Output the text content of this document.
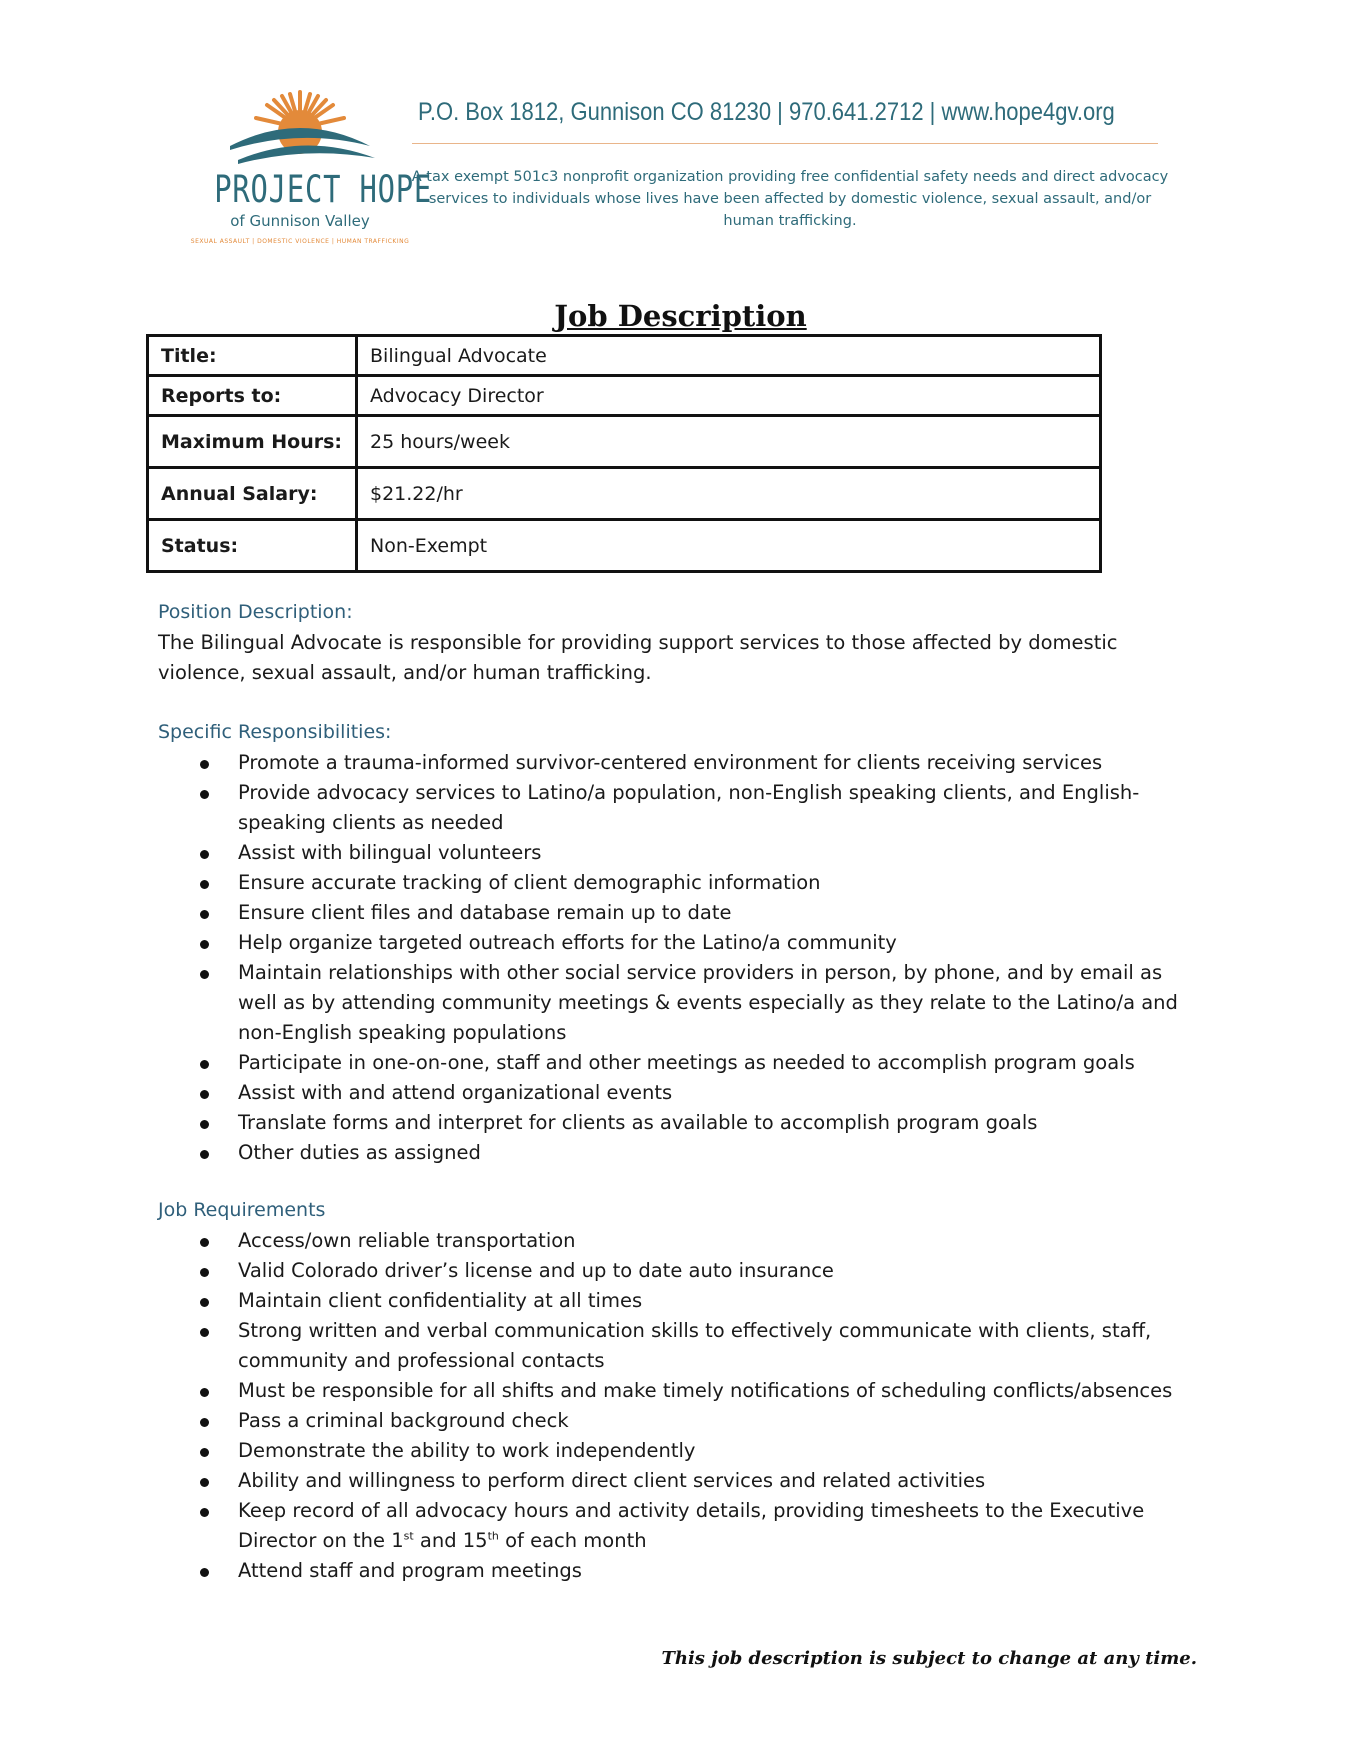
PROJECT HOPE
of Gunnison Valley
SEXUAL ASSAULT | DOMESTIC VIOLENCE | HUMAN TRAFFICKING
P.O. Box 1812, Gunnison CO 81230 | 970.641.2712 | www.hope4gv.org
A tax exempt 501c3 nonprofit organization providing free confidential safety needs and direct advocacy services to individuals whose lives have been affected by domestic violence, sexual assault, and/or human trafficking.
Job Description
Title:	Bilingual Advocate
Reports to:	Advocacy Director
Maximum Hours:	25 hours/week
Annual Salary:	$21.22/hr
Status:	Non-Exempt
Position Description:
The Bilingual Advocate is responsible for providing support services to those affected by domestic violence, sexual assault, and/or human trafficking.
Specific Responsibilities:
Promote a trauma-informed survivor-centered environment for clients receiving services
Provide advocacy services to Latino/a population, non-English speaking clients, and English-speaking clients as needed
Assist with bilingual volunteers
Ensure accurate tracking of client demographic information
Ensure client files and database remain up to date
Help organize targeted outreach efforts for the Latino/a community
Maintain relationships with other social service providers in person, by phone, and by email as well as by attending community meetings & events especially as they relate to the Latino/a and non-English speaking populations
Participate in one-on-one, staff and other meetings as needed to accomplish program goals
Assist with and attend organizational events
Translate forms and interpret for clients as available to accomplish program goals
Other duties as assigned
Job Requirements
Access/own reliable transportation
Valid Colorado driver’s license and up to date auto insurance
Maintain client confidentiality at all times
Strong written and verbal communication skills to effectively communicate with clients, staff, community and professional contacts
Must be responsible for all shifts and make timely notifications of scheduling conflicts/absences
Pass a criminal background check
Demonstrate the ability to work independently
Ability and willingness to perform direct client services and related activities
Keep record of all advocacy hours and activity details, providing timesheets to the Executive Director on the 1st and 15th of each month
Attend staff and program meetings
This job description is subject to change at any time.
